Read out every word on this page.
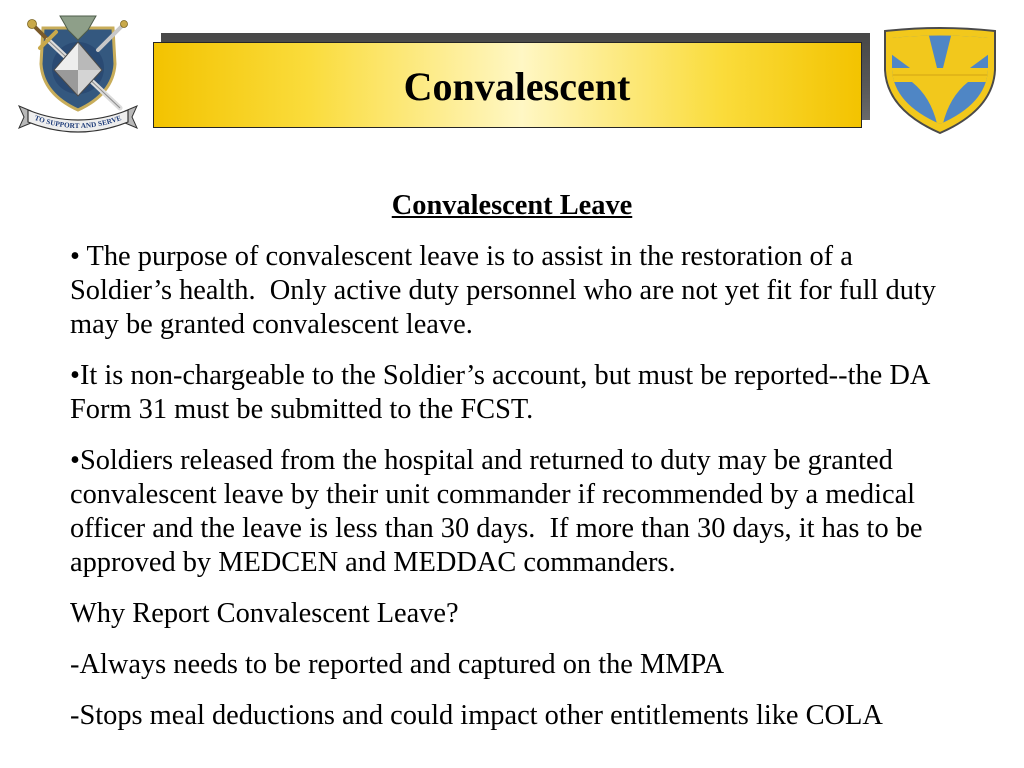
TO SUPPORT AND SERVE
Convalescent
Convalescent Leave
• The purpose of convalescent leave is to assist in the restoration of a
Soldier’s health.  Only active duty personnel who are not yet fit for full duty
may be granted convalescent leave.
•It is non-chargeable to the Soldier’s account, but must be reported--the DA
Form 31 must be submitted to the FCST.
•Soldiers released from the hospital and returned to duty may be granted
convalescent leave by their unit commander if recommended by a medical
officer and the leave is less than 30 days.  If more than 30 days, it has to be
approved by MEDCEN and MEDDAC commanders.
Why Report Convalescent Leave?
-Always needs to be reported and captured on the MMPA
-Stops meal deductions and could impact other entitlements like COLA
